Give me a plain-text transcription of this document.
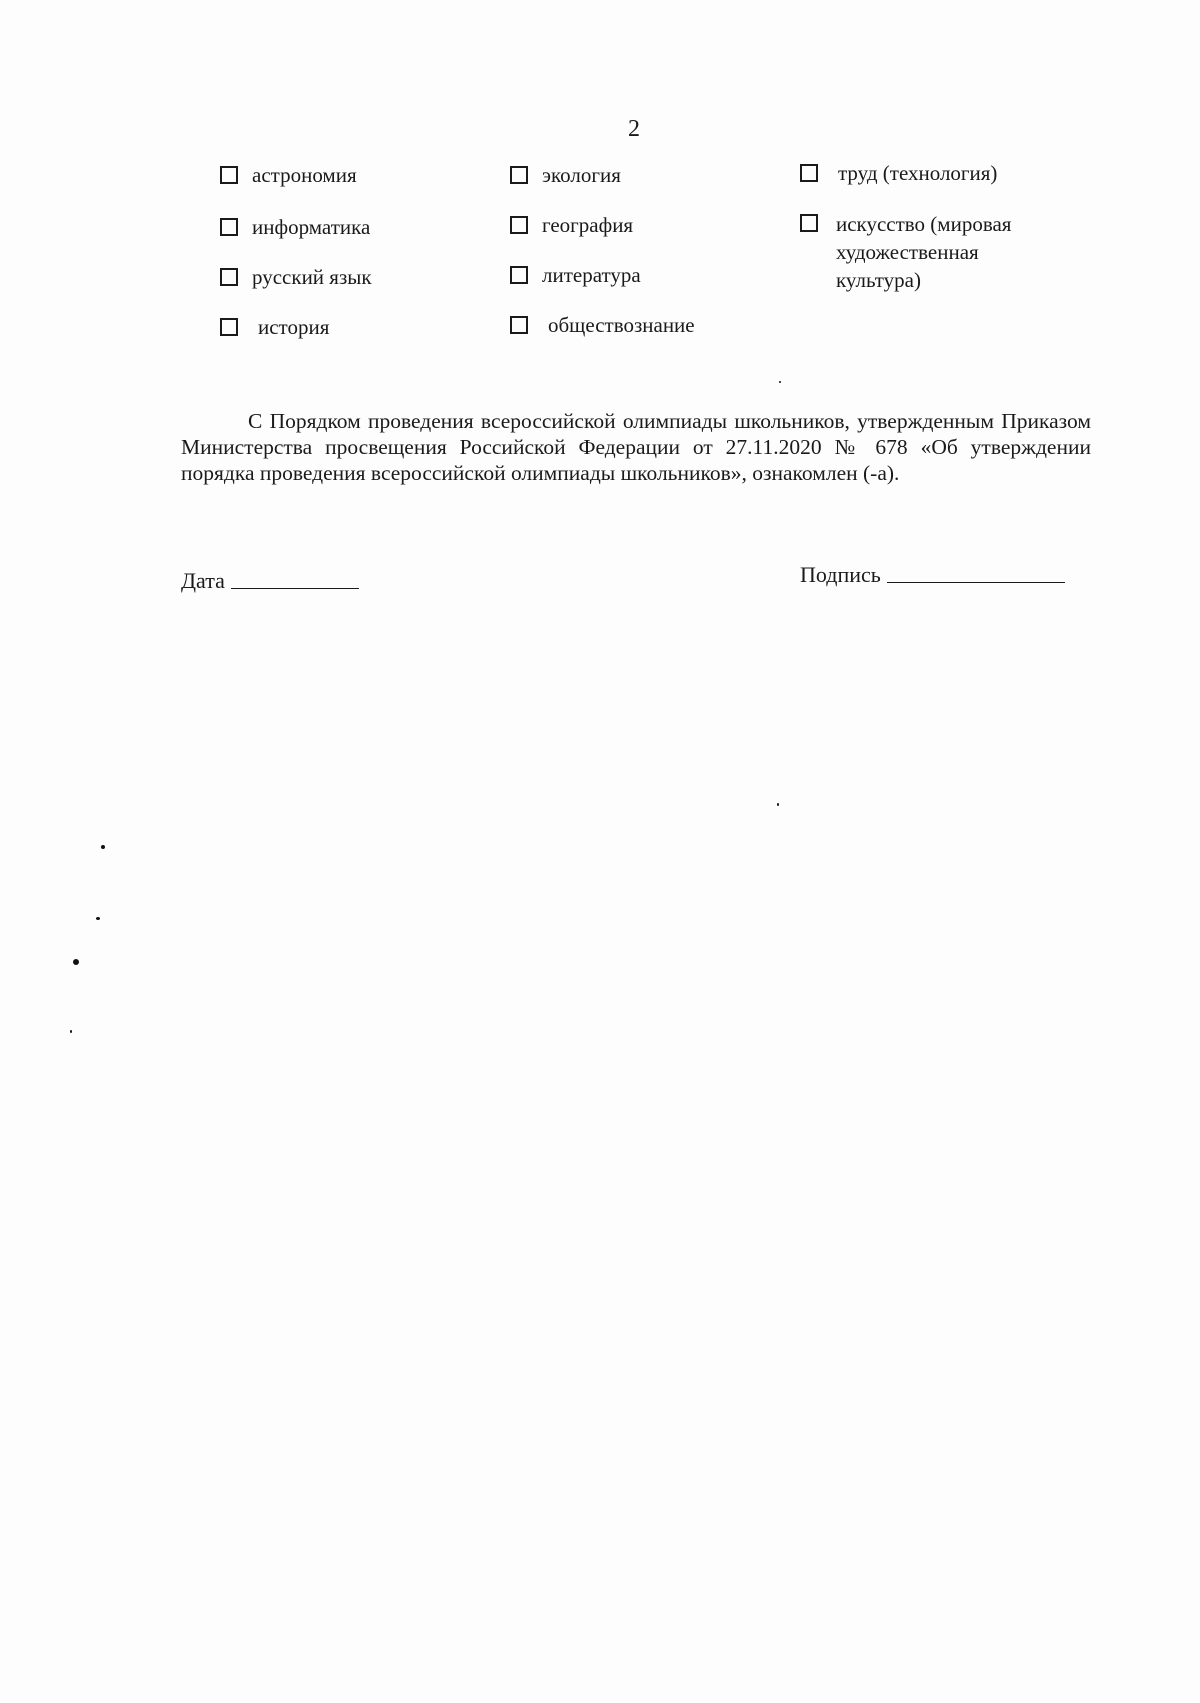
2
астрономия
информатика
русский язык
история
экология
география
литература
обществознание
труд (технология)
искусство (мировая художественная культура)
С Порядком проведения всероссийской олимпиады школьников, утвержденным Приказом Министерства просвещения Российской Федерации от 27.11.2020 № 678 «Об утверждении порядка проведения всероссийской олимпиады школьников», ознакомлен (-а).
Дата	Подпись
